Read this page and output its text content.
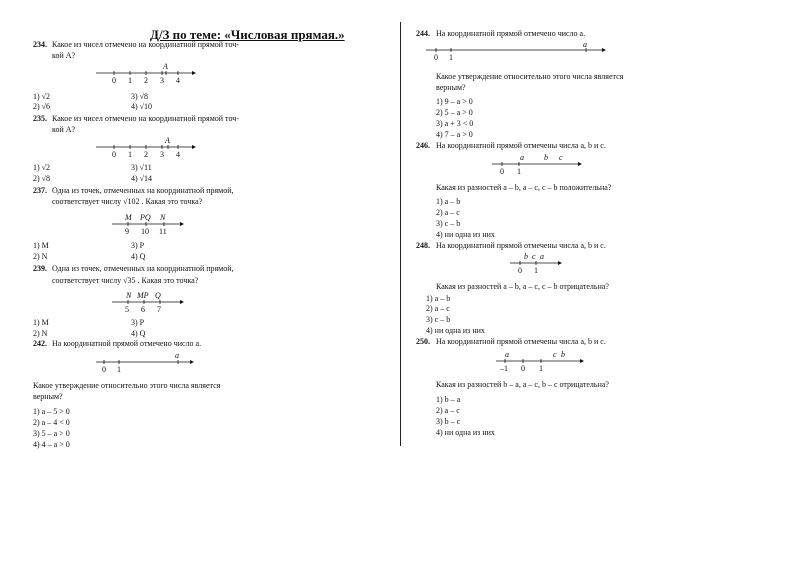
Д/З по теме: «Числовая прямая.»
234. Какое из чисел отмечено на координатной прямой точ-
кой A?
A
0 1 2 3 4
1) √2	3) √8
2) √6	4) √10
235. Какое из чисел отмечено на координатной прямой точ-
кой A?
A
0 1 2 3 4
1) √2	3) √11
2) √8	4) √14
237. Одна из точек, отмеченных на координатной прямой,
соответствует числу √102 . Какая это точка?
M PQ N
9 10 11
1) M	3) P
2) N	4) Q
239. Одна из точек, отмеченных на координатной прямой,
соответствует числу √35 . Какая это точка?
N MP Q
5 6 7
1) M	3) P
2) N	4) Q
242. На координатной прямой отмечено число a.
a
0 1
Какое утверждение относительно этого числа является
верным?
1) a – 5 > 0
2) a – 4 < 0
3) 5 – a > 0
4) 4 – a > 0
244. На координатной прямой отмечено число a.
a
0 1
Какое утверждение относительно этого числа является
верным?
1) 9 – a > 0
2) 5 – a > 0
3) a + 3 < 0
4) 7 – a > 0
246. На координатной прямой отмечены числа a, b и c.
a	b c
0 1
Какая из разностей a – b, a – c, c – b положительна?
1) a – b
2) a – c
3) c – b
4) ни одна из них
248. На координатной прямой отмечены числа a, b и c.
b c a
0 1
Какая из разностей a – b, a – c, c – b отрицательна?
1) a – b
2) a – c
3) c – b
4) ни одна из них
250. На координатной прямой отмечены числа a, b и c.
a	c b
–1 0 1
Какая из разностей b – a, a – c, b – c отрицательна?
1) b – a
2) a – c
3) b – c
4) ни одна из них
